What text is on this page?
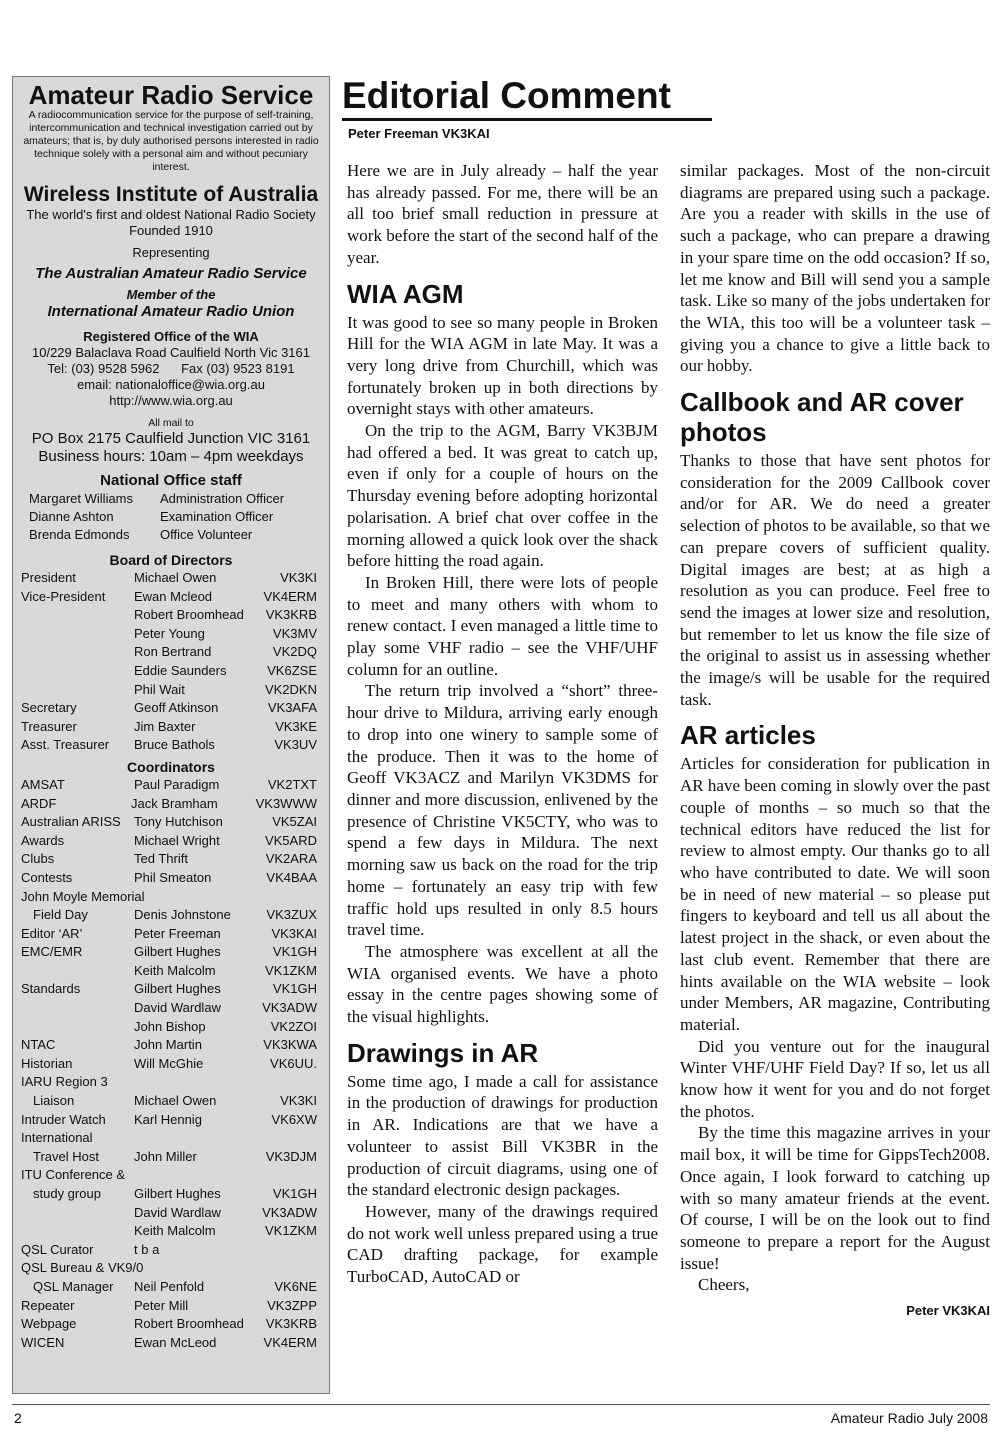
Amateur Radio Service
A radiocommunication service for the purpose of self-training, intercommunication and technical investigation carried out by amateurs; that is, by duly authorised persons interested in radio technique solely with a personal aim and without pecuniary interest.
Wireless Institute of Australia
The world's first and oldest National Radio Society
Founded 1910
Representing
The Australian Amateur Radio Service
Member of the
International Amateur Radio Union
Registered Office of the WIA
10/229 Balaclava Road Caulfield North Vic 3161
Tel: (03) 9528 5962      Fax (03) 9523 8191
email: nationaloffice@wia.org.au
http://www.wia.org.au
All mail to
PO Box 2175 Caulfield Junction VIC 3161
Business hours: 10am – 4pm weekdays
National Office staff
Margaret Williams	Administration Officer
Dianne Ashton	Examination Officer
Brenda Edmonds	Office Volunteer
Board of Directors
President	Michael Owen	VK3KI
Vice-President	Ewan Mcleod	VK4ERM
Robert Broomhead	VK3KRB
Peter Young	VK3MV
Ron Bertrand	VK2DQ
Eddie Saunders	VK6ZSE
Phil Wait	VK2DKN
Secretary	Geoff Atkinson	VK3AFA
Treasurer	Jim Baxter	VK3KE
Asst. Treasurer	Bruce Bathols	VK3UV
Coordinators
AMSAT	Paul Paradigm	VK2TXT
ARDF	Jack Bramham	VK3WWW
Australian ARISS	Tony Hutchison	VK5ZAI
Awards	Michael Wright	VK5ARD
Clubs	Ted Thrift	VK2ARA
Contests	Phil Smeaton	VK4BAA
John Moyle Memorial
Field Day	Denis Johnstone	VK3ZUX
Editor ‘AR’	Peter Freeman	VK3KAI
EMC/EMR	Gilbert Hughes	VK1GH
Keith Malcolm	VK1ZKM
Standards	Gilbert Hughes	VK1GH
David Wardlaw	VK3ADW
John Bishop	VK2ZOI
NTAC	John Martin	VK3KWA
Historian	Will McGhie	VK6UU.
IARU Region 3
Liaison	Michael Owen	VK3KI
Intruder Watch	Karl Hennig	VK6XW
International
Travel Host	John Miller	VK3DJM
ITU Conference &
study group	Gilbert Hughes	VK1GH
David Wardlaw	VK3ADW
Keith Malcolm	VK1ZKM
QSL Curator	t b a
QSL Bureau & VK9/0
QSL Manager	Neil Penfold	VK6NE
Repeater	Peter Mill	VK3ZPP
Webpage	Robert Broomhead	VK3KRB
WICEN	Ewan McLeod	VK4ERM
Editorial Comment
Peter Freeman VK3KAI

Here we are in July already – half the year has already passed. For me, there will be an all too brief small reduction in pressure at work before the start of the second half of the year.

WIA AGM

It was good to see so many people in Broken Hill for the WIA AGM in late May. It was a very long drive from Churchill, which was fortunately broken up in both directions by overnight stays with other amateurs.

On the trip to the AGM, Barry VK3BJM had offered a bed. It was great to catch up, even if only for a couple of hours on the Thursday evening before adopting horizontal polarisation. A brief chat over coffee in the morning allowed a quick look over the shack before hitting the road again.

In Broken Hill, there were lots of people to meet and many others with whom to renew contact. I even managed a little time to play some VHF radio – see the VHF/UHF column for an outline.

The return trip involved a “short” three-hour drive to Mildura, arriving early enough to drop into one winery to sample some of the produce. Then it was to the home of Geoff VK3ACZ and Marilyn VK3DMS for dinner and more discussion, enlivened by the presence of Christine VK5CTY, who was to spend a few days in Mildura. The next morning saw us back on the road for the trip home – fortunately an easy trip with few traffic hold ups resulted in only 8.5 hours travel time.

The atmosphere was excellent at all the WIA organised events. We have a photo essay in the centre pages showing some of the visual highlights.

Drawings in AR

Some time ago, I made a call for assistance in the production of drawings for production in AR. Indications are that we have a volunteer to assist Bill VK3BR in the production of circuit diagrams, using one of the standard electronic design packages.

However, many of the drawings required do not work well unless prepared using a true CAD drafting package, for example TurboCAD, AutoCAD or

similar packages. Most of the non-circuit diagrams are prepared using such a package. Are you a reader with skills in the use of such a package, who can prepare a drawing in your spare time on the odd occasion? If so, let me know and Bill will send you a sample task. Like so many of the jobs undertaken for the WIA, this too will be a volunteer task – giving you a chance to give a little back to our hobby.

Callbook and AR cover photos

Thanks to those that have sent photos for consideration for the 2009 Callbook cover and/or for AR. We do need a greater selection of photos to be available, so that we can prepare covers of sufficient quality. Digital images are best; at as high a resolution as you can produce. Feel free to send the images at lower size and resolution, but remember to let us know the file size of the original to assist us in assessing whether the image/s will be usable for the required task.

AR articles

Articles for consideration for publication in AR have been coming in slowly over the past couple of months – so much so that the technical editors have reduced the list for review to almost empty. Our thanks go to all who have contributed to date. We will soon be in need of new material – so please put fingers to keyboard and tell us all about the latest project in the shack, or even about the last club event. Remember that there are hints available on the WIA website – look under Members, AR magazine, Contributing material.

Did you venture out for the inaugural Winter VHF/UHF Field Day? If so, let us all know how it went for you and do not forget the photos.

By the time this magazine arrives in your mail box, it will be time for GippsTech2008. Once again, I look forward to catching up with so many amateur friends at the event. Of course, I will be on the look out to find someone to prepare a report for the August issue!

Cheers,

Peter VK3KAI
2	Amateur Radio July 2008
